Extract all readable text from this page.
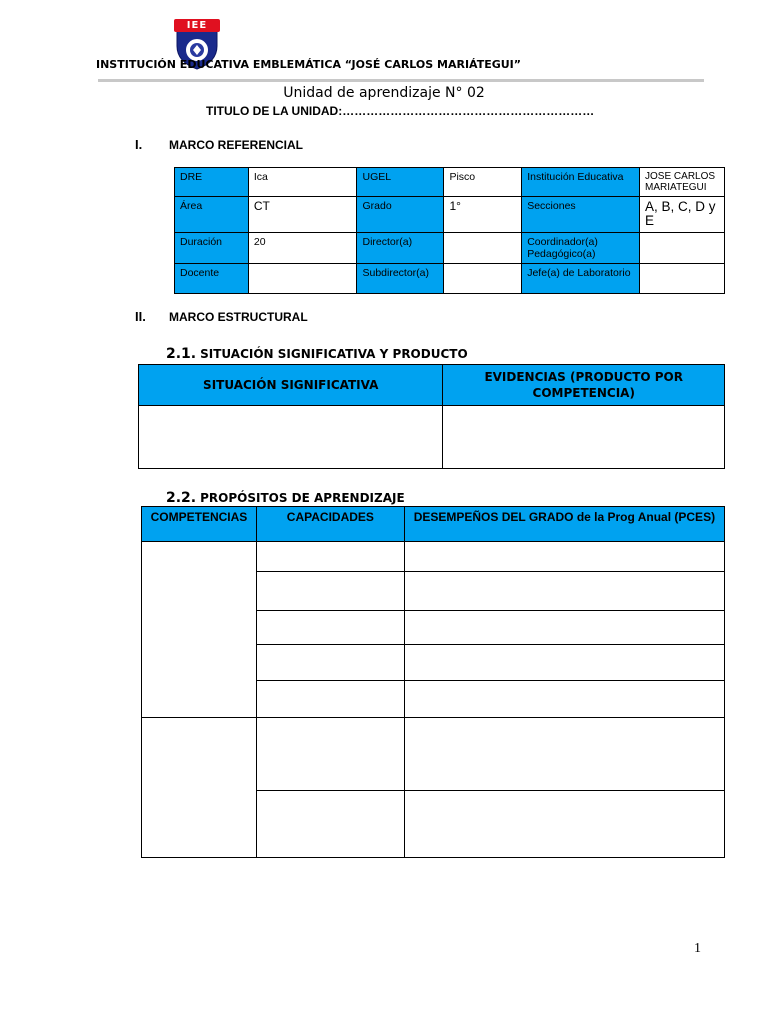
IEE
INSTITUCIÓN EDUCATIVA EMBLEMÁTICA “JOSÉ CARLOS MARIÁTEGUI”
Unidad de aprendizaje N° 02
TITULO DE LA UNIDAD:………………………………………………………
I. MARCO REFERENCIAL
DRE	Ica	UGEL	Pisco	Institución Educativa	JOSE CARLOS MARIATEGUI
Área	CT	Grado	1°	Secciones	A, B, C, D y E
Duración	20	Director(a)		Coordinador(a) Pedagógico(a)	
Docente		Subdirector(a)		Jefe(a) de Laboratorio	
II. MARCO ESTRUCTURAL
2.1. SITUACIÓN SIGNIFICATIVA Y PRODUCTO
SITUACIÓN SIGNIFICATIVA	EVIDENCIAS (PRODUCTO POR COMPETENCIA)

2.2. PROPÓSITOS DE APRENDIZAJE
COMPETENCIAS	CAPACIDADES	DESEMPEÑOS DEL GRADO de la Prog Anual (PCES)

1
